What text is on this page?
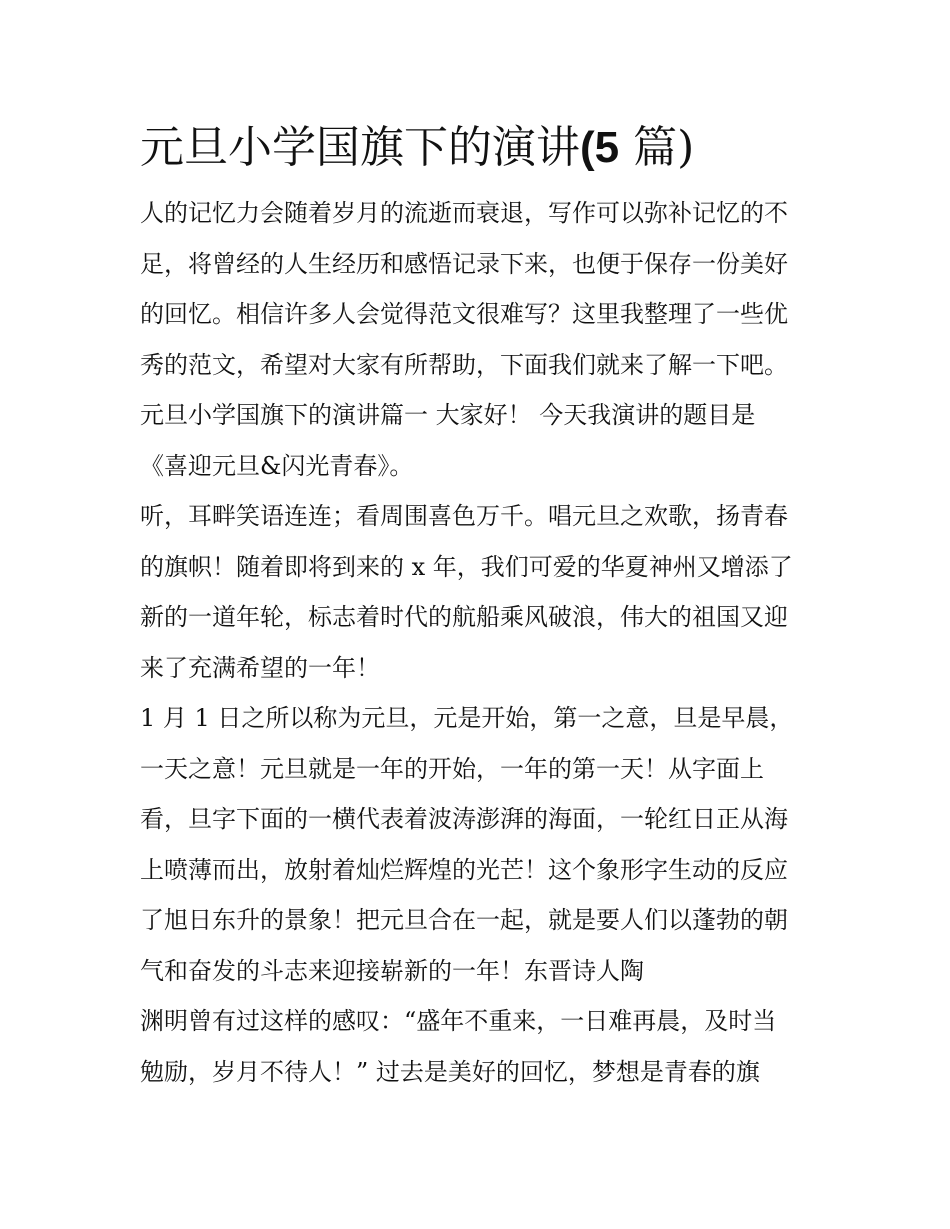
元旦小学国旗下的演讲(5 篇)
人的记忆力会随着岁月的流逝而衰退，写作可以弥补记忆的不
足，将曾经的人生经历和感悟记录下来，也便于保存一份美好
的回忆。相信许多人会觉得范文很难写？这里我整理了一些优
秀的范文，希望对大家有所帮助，下面我们就来了解一下吧。
元旦小学国旗下的演讲篇一 大家好！ 今天我演讲的题目是
《喜迎元旦&闪光青春》。
听，耳畔笑语连连；看周围喜色万千。唱元旦之欢歌，扬青春
的旗帜！随着即将到来的 x 年，我们可爱的华夏神州又增添了
新的一道年轮，标志着时代的航船乘风破浪，伟大的祖国又迎
来了充满希望的一年！
1 月 1 日之所以称为元旦，元是开始，第一之意，旦是早晨，
一天之意！元旦就是一年的开始，一年的第一天！从字面上
看，旦字下面的一横代表着波涛澎湃的海面，一轮红日正从海
上喷薄而出，放射着灿烂辉煌的光芒！这个象形字生动的反应
了旭日东升的景象！把元旦合在一起，就是要人们以蓬勃的朝
气和奋发的斗志来迎接崭新的一年！东晋诗人陶
渊明曾有过这样的感叹：“盛年不重来，一日难再晨，及时当
勉励，岁月不待人！” 过去是美好的回忆，梦想是青春的旗
